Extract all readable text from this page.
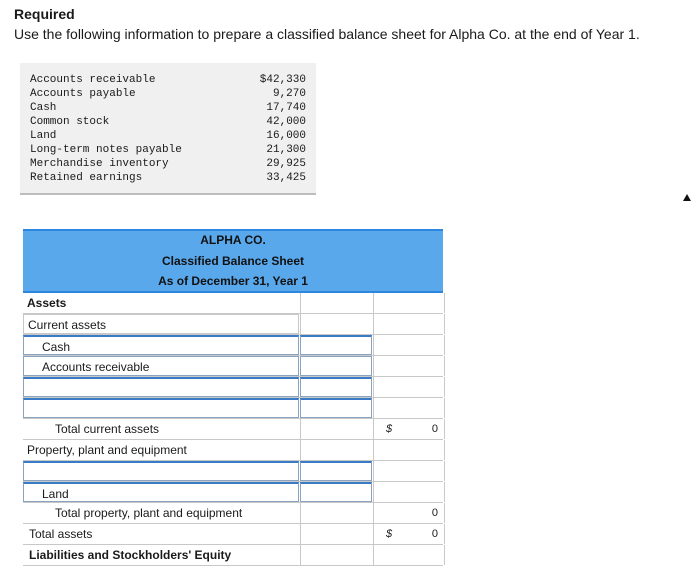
Required
Use the following information to prepare a classified balance sheet for Alpha Co. at the end of Year 1.
Accounts receivable	$42,330
Accounts payable	9,270
Cash	17,740
Common stock	42,000
Land	16,000
Long-term notes payable	21,300
Merchandise inventory	29,925
Retained earnings	33,425
ALPHA CO.
Classified Balance Sheet
As of December 31, Year 1
Assets
Current assets
Cash
Accounts receivable
Total current assets	$	0
Property, plant and equipment
Land
Total property, plant and equipment	0
Total assets	$	0
Liabilities and Stockholders' Equity
